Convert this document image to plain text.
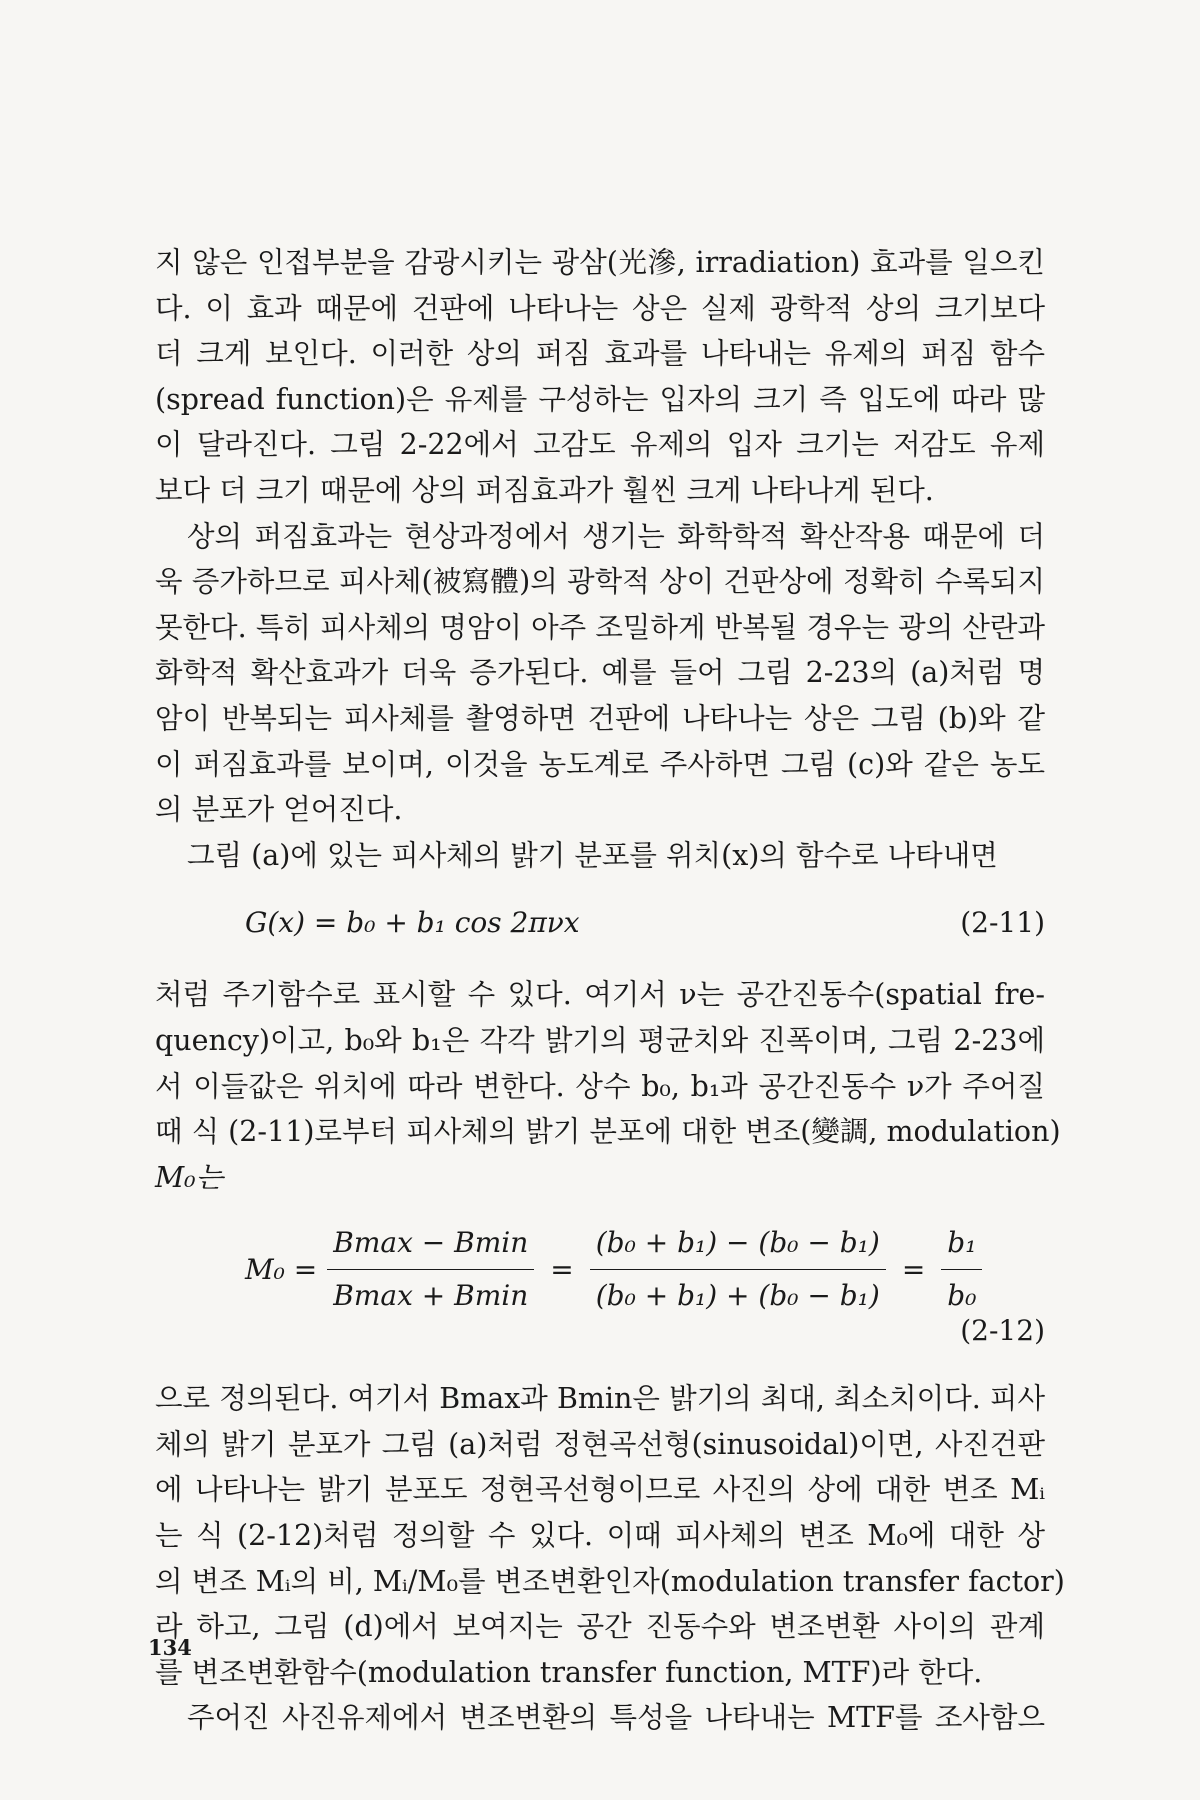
지 않은 인접부분을 감광시키는 광삼(光滲, irradiation) 효과를 일으킨
다. 이 효과 때문에 건판에 나타나는 상은 실제 광학적 상의 크기보다
더 크게 보인다. 이러한 상의 퍼짐 효과를 나타내는 유제의 퍼짐 함수
(spread function)은 유제를 구성하는 입자의 크기 즉 입도에 따라 많
이 달라진다. 그림 2-22에서 고감도 유제의 입자 크기는 저감도 유제
보다 더 크기 때문에 상의 퍼짐효과가 훨씬 크게 나타나게 된다.
상의 퍼짐효과는 현상과정에서 생기는 화학학적 확산작용 때문에 더
욱 증가하므로 피사체(被寫體)의 광학적 상이 건판상에 정확히 수록되지
못한다. 특히 피사체의 명암이 아주 조밀하게 반복될 경우는 광의 산란과
화학적 확산효과가 더욱 증가된다. 예를 들어 그림 2-23의 (a)처럼 명
암이 반복되는 피사체를 촬영하면 건판에 나타나는 상은 그림 (b)와 같
이 퍼짐효과를 보이며, 이것을 농도계로 주사하면 그림 (c)와 같은 농도
의 분포가 얻어진다.
그림 (a)에 있는 피사체의 밝기 분포를 위치(x)의 함수로 나타내면
G(x) = b₀ + b₁ cos 2πνx	(2-11)
처럼 주기함수로 표시할 수 있다. 여기서 ν는 공간진동수(spatial fre-
quency)이고, b₀와 b₁은 각각 밝기의 평균치와 진폭이며, 그림 2-23에
서 이들값은 위치에 따라 변한다. 상수 b₀, b₁과 공간진동수 ν가 주어질
때 식 (2-11)로부터 피사체의 밝기 분포에 대한 변조(變調, modulation)
M₀는
$M_0 = \frac{Bmax - Bmin}{Bmax + Bmin} = \frac{\text{(b₀ + b₁) − (b₀ − b₁)}}{\text{(b₀ + b₁) + (b₀ − b₁)}} = \frac{\text{b₁}}{\text{b₀}}$
(2-12)
으로 정의된다. 여기서 Bmax과 Bmin은 밝기의 최대, 최소치이다. 피사
체의 밝기 분포가 그림 (a)처럼 정현곡선형(sinusoidal)이면, 사진건판
에 나타나는 밝기 분포도 정현곡선형이므로 사진의 상에 대한 변조 Mᵢ
는 식 (2-12)처럼 정의할 수 있다. 이때 피사체의 변조 M₀에 대한 상
의 변조 Mᵢ의 비, Mᵢ/M₀를 변조변환인자(modulation transfer factor)
라 하고, 그림 (d)에서 보여지는 공간 진동수와 변조변환 사이의 관계
를 변조변환함수(modulation transfer function, MTF)라 한다.
주어진 사진유제에서 변조변환의 특성을 나타내는 MTF를 조사함으
134
